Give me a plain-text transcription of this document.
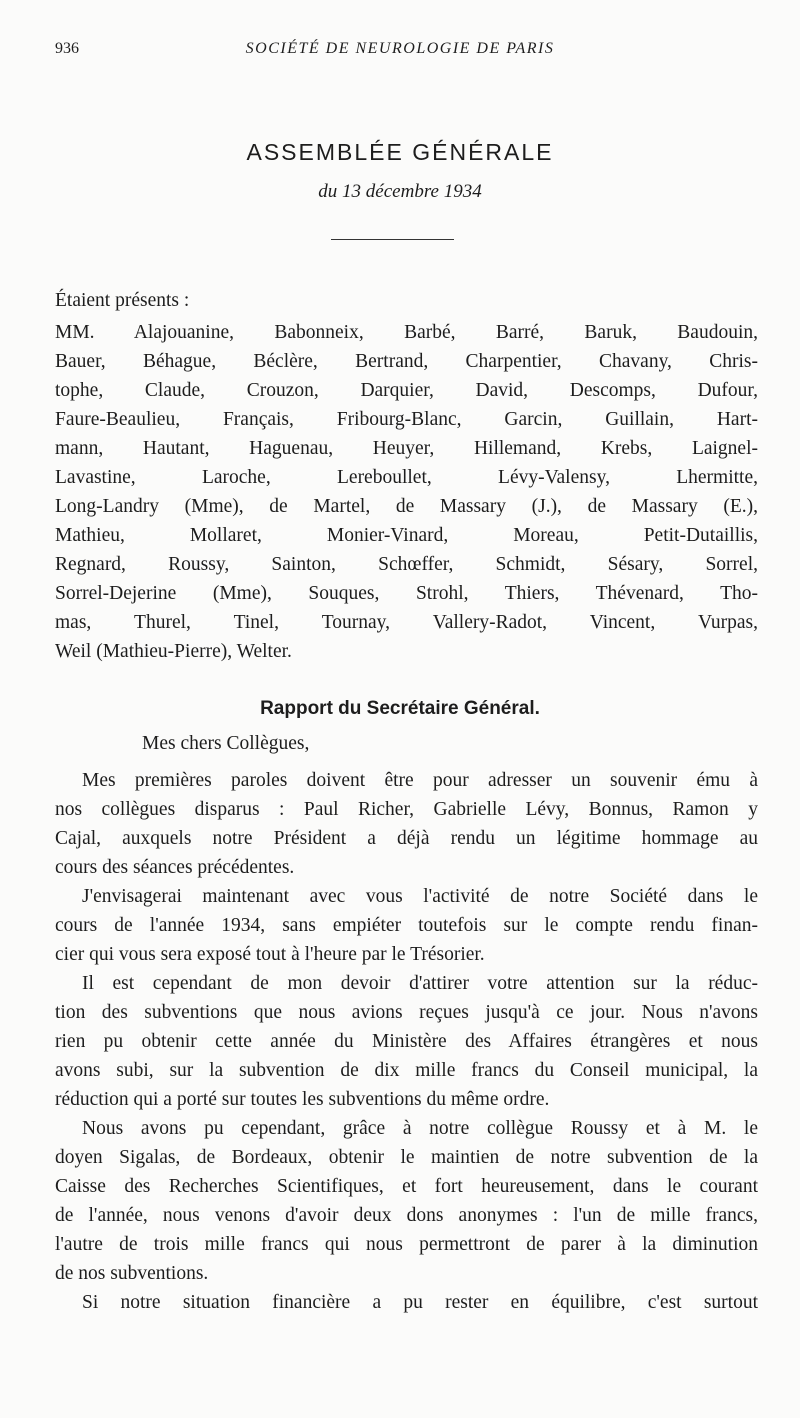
936	SOCIÉTÉ DE NEUROLOGIE DE PARIS
ASSEMBLÉE GÉNÉRALE
du 13 décembre 1934
Étaient présents :
MM. Alajouanine, Babonneix, Barbé, Barré, Baruk, Baudouin,
Bauer, Béhague, Béclère, Bertrand, Charpentier, Chavany, Chris-
tophe, Claude, Crouzon, Darquier, David, Descomps, Dufour,
Faure-Beaulieu, Français, Fribourg-Blanc, Garcin, Guillain, Hart-
mann, Hautant, Haguenau, Heuyer, Hillemand, Krebs, Laignel-
Lavastine, Laroche, Lereboullet, Lévy-Valensy, Lhermitte,
Long-Landry (Mme), de Martel, de Massary (J.), de Massary (E.),
Mathieu, Mollaret, Monier-Vinard, Moreau, Petit-Dutaillis,
Regnard, Roussy, Sainton, Schœffer, Schmidt, Sésary, Sorrel,
Sorrel-Dejerine (Mme), Souques, Strohl, Thiers, Thévenard, Tho-
mas, Thurel, Tinel, Tournay, Vallery-Radot, Vincent, Vurpas,
Weil (Mathieu-Pierre), Welter.
Rapport du Secrétaire Général.
Mes chers Collègues,
Mes premières paroles doivent être pour adresser un souvenir ému à
nos collègues disparus : Paul Richer, Gabrielle Lévy, Bonnus, Ramon y
Cajal, auxquels notre Président a déjà rendu un légitime hommage au
cours des séances précédentes.
J'envisagerai maintenant avec vous l'activité de notre Société dans le
cours de l'année 1934, sans empiéter toutefois sur le compte rendu finan-
cier qui vous sera exposé tout à l'heure par le Trésorier.
Il est cependant de mon devoir d'attirer votre attention sur la réduc-
tion des subventions que nous avions reçues jusqu'à ce jour. Nous n'avons
rien pu obtenir cette année du Ministère des Affaires étrangères et nous
avons subi, sur la subvention de dix mille francs du Conseil municipal, la
réduction qui a porté sur toutes les subventions du même ordre.
Nous avons pu cependant, grâce à notre collègue Roussy et à M. le
doyen Sigalas, de Bordeaux, obtenir le maintien de notre subvention de la
Caisse des Recherches Scientifiques, et fort heureusement, dans le courant
de l'année, nous venons d'avoir deux dons anonymes : l'un de mille francs,
l'autre de trois mille francs qui nous permettront de parer à la diminution
de nos subventions.
Si notre situation financière a pu rester en équilibre, c'est surtout
